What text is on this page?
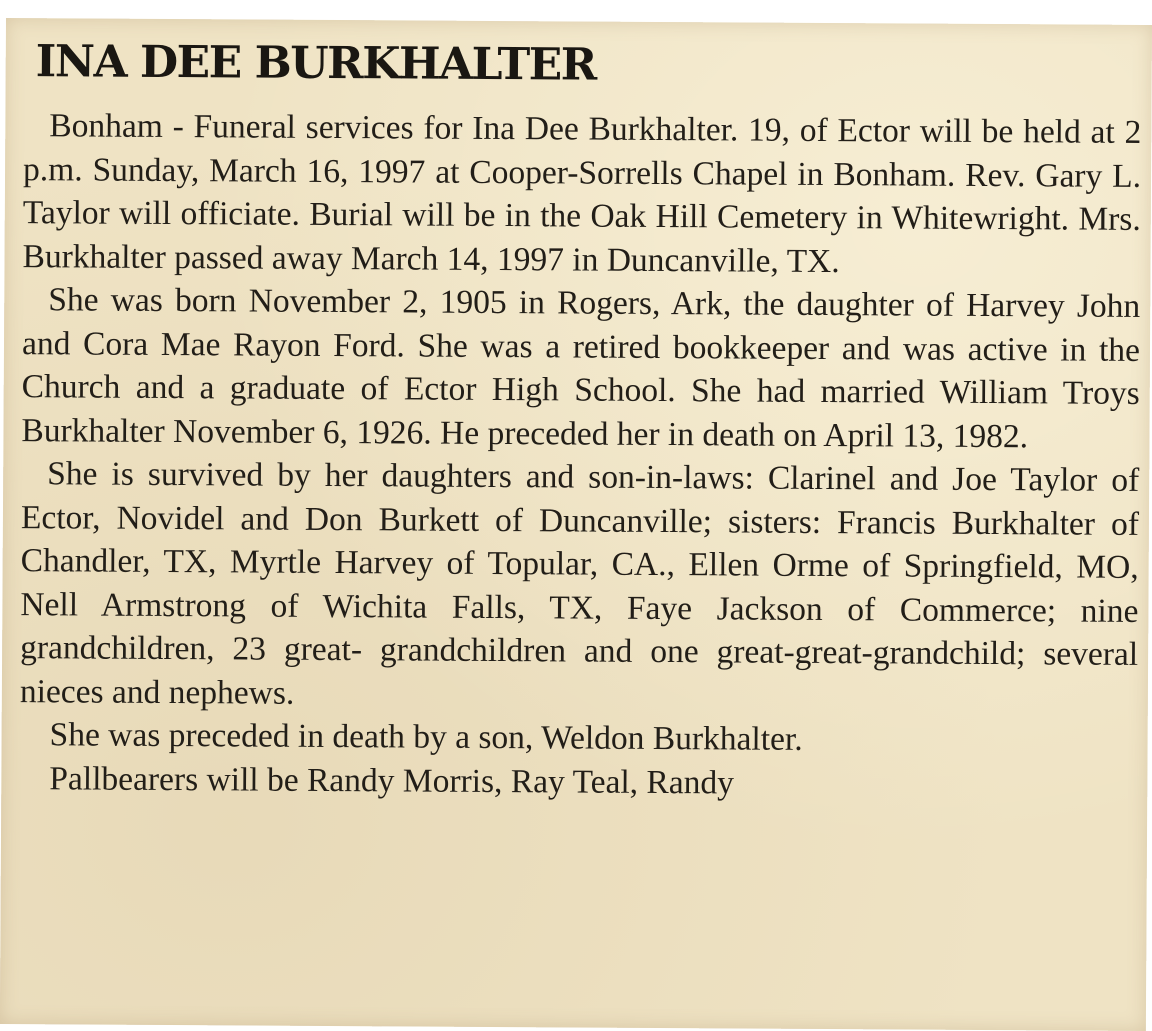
INA DEE BURKHALTER

Bonham - Funeral services for Ina Dee Burkhalter. 19, of Ector will be held at 2 p.m. Sunday, March 16, 1997 at Cooper-Sorrells Chapel in Bonham. Rev. Gary L. Taylor will officiate. Burial will be in the Oak Hill Cemetery in Whitewright. Mrs. Burkhalter passed away March 14, 1997 in Duncanville, TX.

She was born November 2, 1905 in Rogers, Ark, the daughter of Harvey John and Cora Mae Rayon Ford. She was a retired bookkeeper and was active in the Church and a graduate of Ector High School. She had married William Troys Burkhalter November 6, 1926. He preceded her in death on April 13, 1982.

She is survived by her daughters and son-in-laws: Clarinel and Joe Taylor of Ector, Novidel and Don Burkett of Duncanville; sisters: Francis Burkhalter of Chandler, TX, Myrtle Harvey of Topular, CA., Ellen Orme of Springfield, MO, Nell Armstrong of Wichita Falls, TX, Faye Jackson of Commerce; nine grandchildren, 23 great- grandchildren and one great-great-grandchild; several nieces and nephews.

She was preceded in death by a son, Weldon Burkhalter.

Pallbearers will be Randy Morris, Ray Teal, Randy
